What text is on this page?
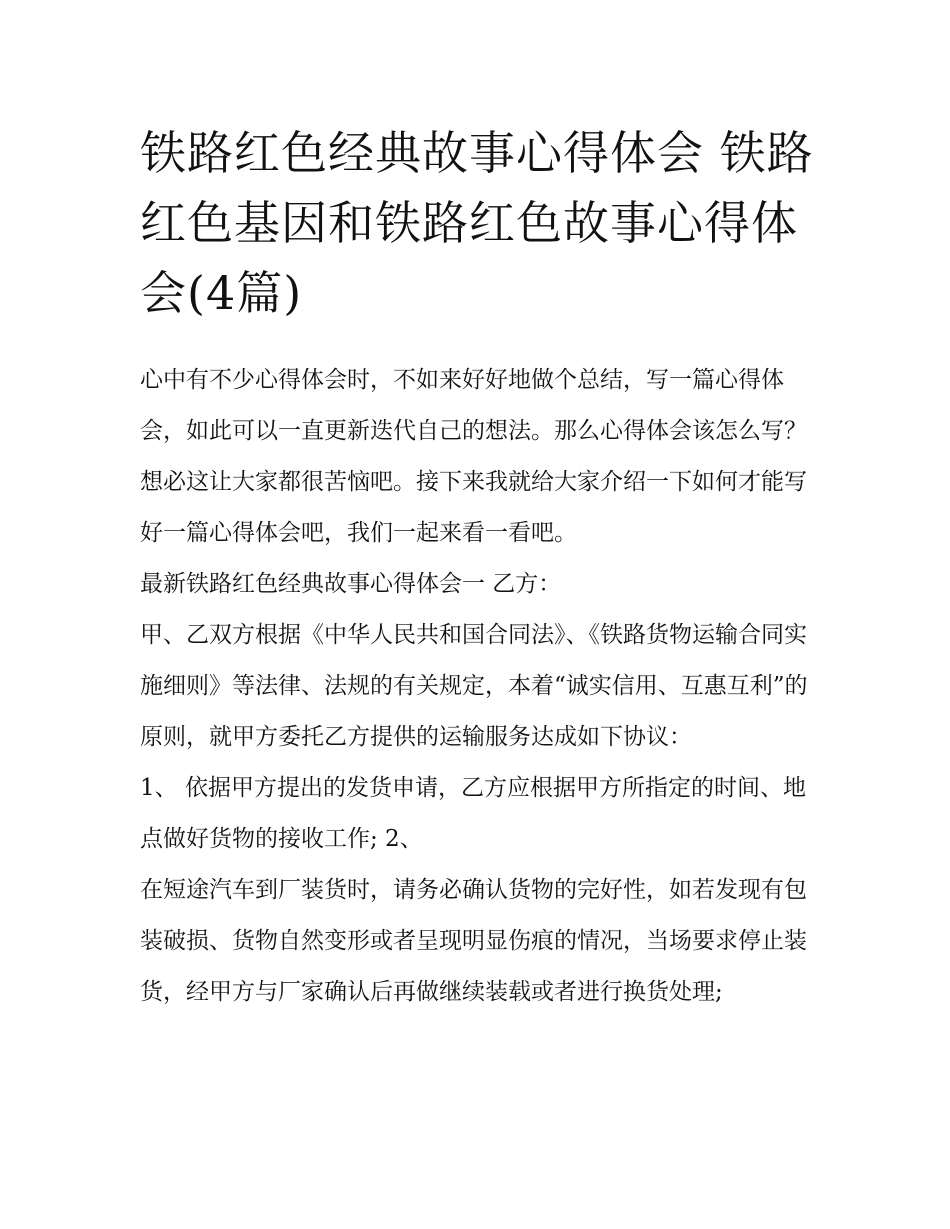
铁路红色经典故事心得体会 铁路红色基因和铁路红色故事心得体会(4篇)

心中有不少心得体会时，不如来好好地做个总结，写一篇心得体会，如此可以一直更新迭代自己的想法。那么心得体会该怎么写？想必这让大家都很苦恼吧。接下来我就给大家介绍一下如何才能写好一篇心得体会吧，我们一起来看一看吧。

最新铁路红色经典故事心得体会一 乙方：

甲、乙双方根据《中华人民共和国合同法》、《铁路货物运输合同实施细则》等法律、法规的有关规定，本着“诚实信用、互惠互利”的原则，就甲方委托乙方提供的运输服务达成如下协议：

1、 依据甲方提出的发货申请，乙方应根据甲方所指定的时间、地点做好货物的接收工作; 2、

在短途汽车到厂装货时，请务必确认货物的完好性，如若发现有包装破损、货物自然变形或者呈现明显伤痕的情况，当场要求停止装货，经甲方与厂家确认后再做继续装载或者进行换货处理;
